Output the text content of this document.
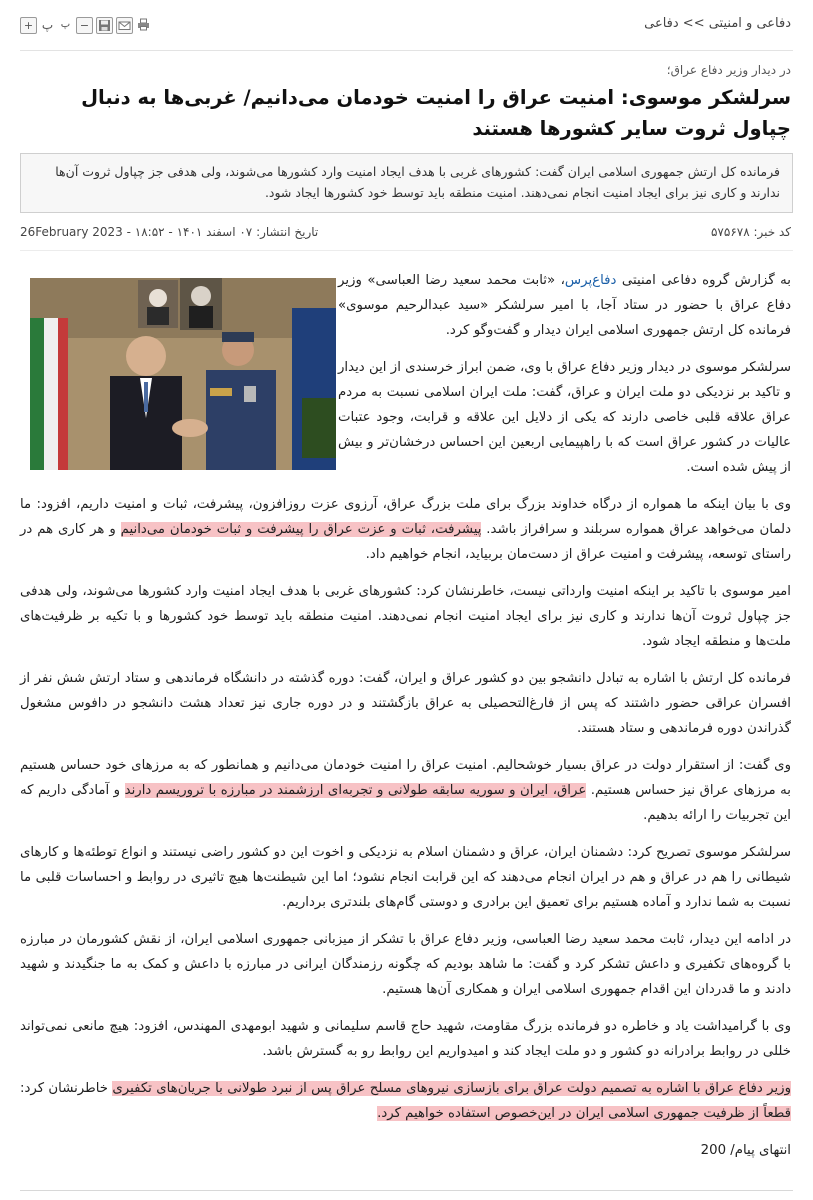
+ پ پ −	دفاعی و امنیتی >> دفاعی
در دیدار وزیر دفاع عراق؛
سرلشکر موسوی: امنیت عراق را امنیت خودمان می‌دانیم/ غربی‌ها به دنبال چپاول ثروت سایر کشورها هستند
فرمانده کل ارتش جمهوری اسلامی ایران گفت: کشورهای غربی با هدف ایجاد امنیت وارد کشورها می‌شوند، ولی هدفی جز چپاول ثروت آن‌ها ندارند و کاری نیز برای ایجاد امنیت انجام نمی‌دهند. امنیت منطقه باید توسط خود کشورها ایجاد شود.
کد خبر: ۵۷۵۶۷۸
تاریخ انتشار: ۰۷ اسفند ۱۴۰۱ - ۱۸:۵۲ - 26February 2023

به گزارش گروه دفاعی امنیتی دفاع‌پرس، «ثابت محمد سعید رضا العباسی» وزیر دفاع عراق با حضور در ستاد آجا، با امیر سرلشکر «سید عبدالرحیم موسوی» فرمانده کل ارتش جمهوری اسلامی ایران دیدار و گفت‌وگو کرد.

سرلشکر موسوی در دیدار وزیر دفاع عراق با وی، ضمن ابراز خرسندی از این دیدار و تاکید بر نزدیکی دو ملت ایران و عراق، گفت: ملت ایران اسلامی نسبت به مردم عراق علاقه قلبی خاصی دارند که یکی از دلایل این علاقه و قرابت، وجود عتبات عالیات در کشور عراق است که با راهپیمایی اربعین این احساس درخشان‌تر و بیش از پیش شده است.

وی با بیان اینکه ما همواره از درگاه خداوند بزرگ برای ملت بزرگ عراق، آرزوی عزت روزافزون، پیشرفت، ثبات و امنیت داریم، افزود: ما دلمان می‌خواهد عراق همواره سربلند و سرافراز باشد. پیشرفت، ثبات و عزت عراق را پیشرفت و ثبات خودمان می‌دانیم و هر کاری هم در راستای توسعه، پیشرفت و امنیت عراق از دست‌مان بربیاید، انجام خواهیم داد.

امیر موسوی با تاکید بر اینکه امنیت وارداتی نیست، خاطرنشان کرد: کشورهای غربی با هدف ایجاد امنیت وارد کشورها می‌شوند، ولی هدفی جز چپاول ثروت آن‌ها ندارند و کاری نیز برای ایجاد امنیت انجام نمی‌دهند. امنیت منطقه باید توسط خود کشورها و با تکیه بر ظرفیت‌های ملت‌ها و منطقه ایجاد شود.

فرمانده کل ارتش با اشاره به تبادل دانشجو بین دو کشور عراق و ایران، گفت: دوره گذشته در دانشگاه فرماندهی و ستاد ارتش شش نفر از افسران عراقی حضور داشتند که پس از فارغ‌التحصیلی به عراق بازگشتند و در دوره جاری نیز تعداد هشت دانشجو در دافوس مشغول گذراندن دوره فرماندهی و ستاد هستند.

وی گفت: از استقرار دولت در عراق بسیار خوشحالیم. امنیت عراق را امنیت خودمان می‌دانیم و همانطور که به مرزهای خود حساس هستیم به مرزهای عراق نیز حساس هستیم. عراق، ایران و سوریه سابقه طولانی و تجربه‌ای ارزشمند در مبارزه با تروریسم دارند و آمادگی داریم که این تجربیات را ارائه بدهیم.

سرلشکر موسوی تصریح کرد: دشمنان ایران، عراق و دشمنان اسلام به نزدیکی و اخوت این دو کشور راضی نیستند و انواع توطئه‌ها و کارهای شیطانی را هم در عراق و هم در ایران انجام می‌دهند که این قرابت انجام نشود؛ اما این شیطنت‌ها هیچ تاثیری در روابط و احساسات قلبی ما نسبت به شما ندارد و آماده هستیم برای تعمیق این برادری و دوستی گام‌های بلندتری برداریم.

در ادامه این دیدار، ثابت محمد سعید رضا العباسی، وزیر دفاع عراق با تشکر از میزبانی جمهوری اسلامی ایران، از نقش کشورمان در مبارزه با گروه‌های تکفیری و داعش تشکر کرد و گفت: ما شاهد بودیم که چگونه رزمندگان ایرانی در مبارزه با داعش و کمک به ما جنگیدند و شهید دادند و ما قدردان این اقدام جمهوری اسلامی ایران و همکاری آن‌ها هستیم.

وی با گرامیداشت یاد و خاطره دو فرمانده بزرگ مقاومت، شهید حاج قاسم سلیمانی و شهید ابومهدی المهندس، افزود: هیچ مانعی نمی‌تواند خللی در روابط برادرانه دو کشور و دو ملت ایجاد کند و امیدواریم این روابط رو به گسترش باشد.

وزیر دفاع عراق با اشاره به تصمیم دولت عراق برای بازسازی نیروهای مسلح عراق پس از نبرد طولانی با جریان‌های تکفیری خاطرنشان کرد: قطعاً از ظرفیت جمهوری اسلامی ایران در این‌خصوص استفاده خواهیم کرد.

انتهای پیام/ 200
